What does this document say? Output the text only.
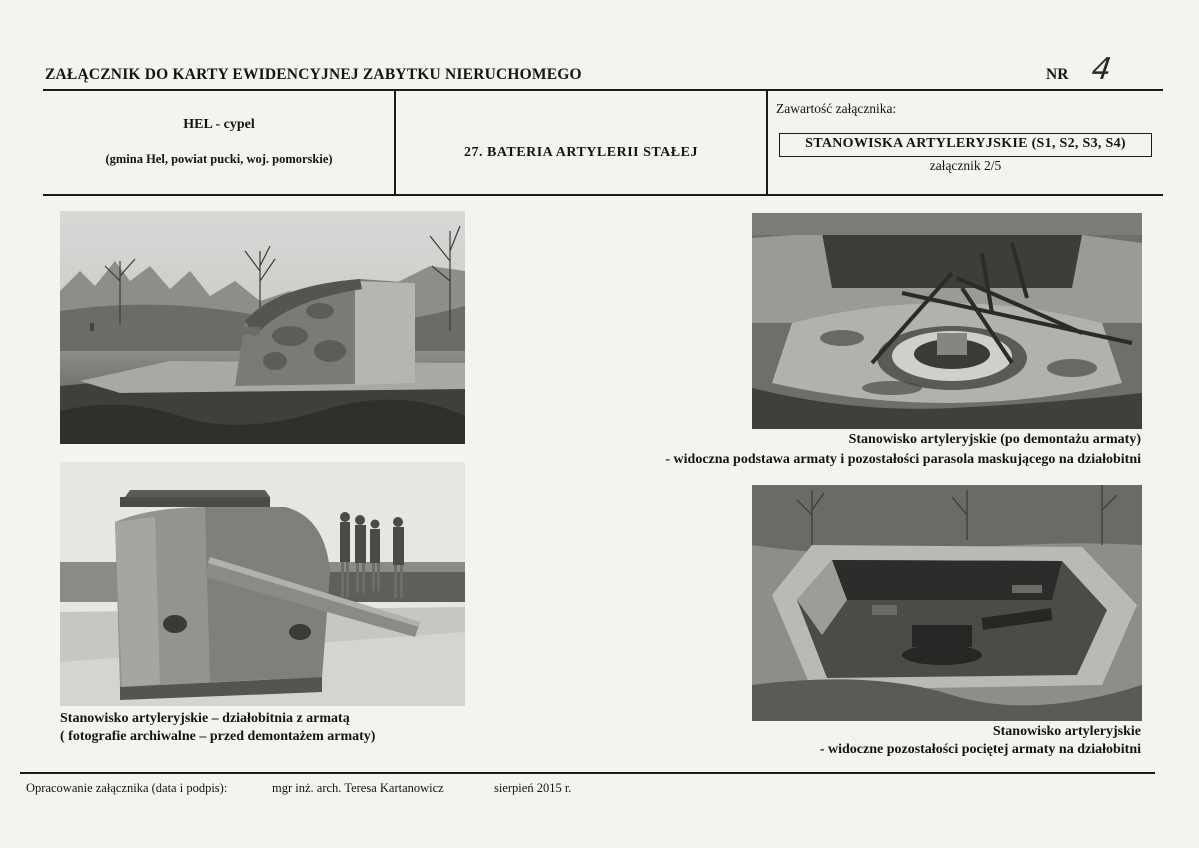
ZAŁĄCZNIK DO KARTY EWIDENCYJNEJ ZABYTKU NIERUCHOMEGO	NR 4
HEL - cypel
(gmina Hel, powiat pucki, woj. pomorskie)	27. BATERIA ARTYLERII STAŁEJ
Zawartość załącznika:
STANOWISKA ARTYLERYJSKIE (S1, S2, S3, S4)
załącznik 2/5
Stanowisko artyleryjskie – działobitnia z armatą
( fotografie archiwalne – przed demontażem armaty)
Stanowisko artyleryjskie (po demontażu armaty)
- widoczna podstawa armaty i pozostałości parasola maskującego na działobitni
Stanowisko artyleryjskie
- widoczne pozostałości pociętej armaty na działobitni
Opracowanie załącznika (data i podpis):	mgr inż. arch. Teresa Kartanowicz	sierpień 2015 r.
